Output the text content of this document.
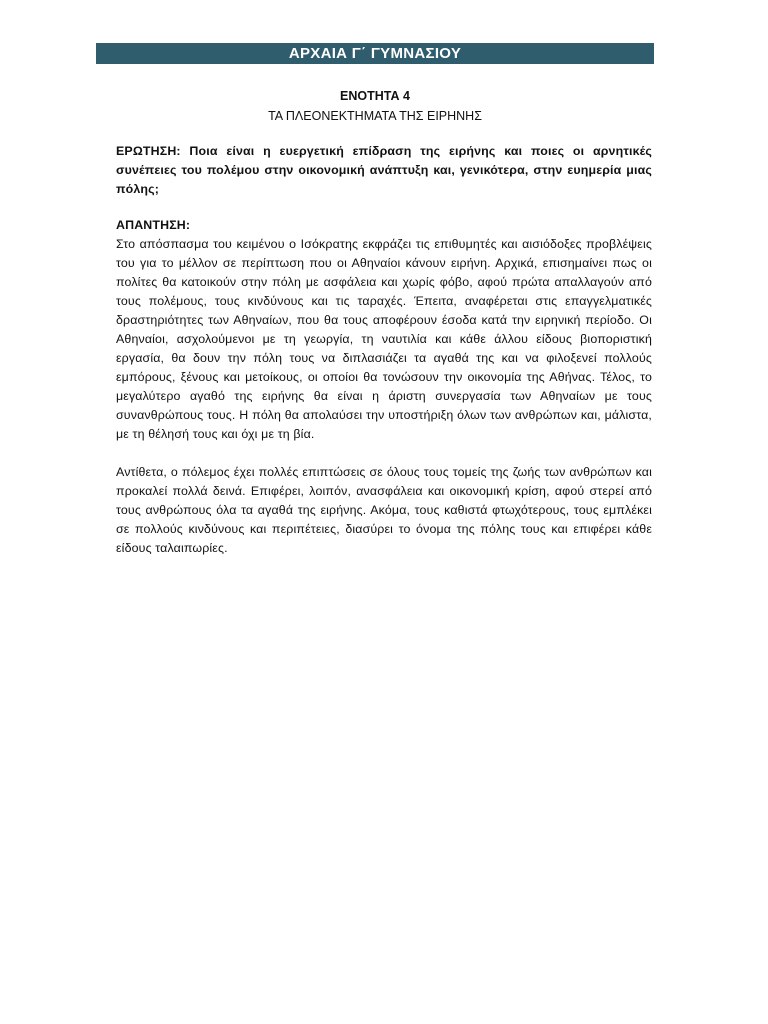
ΑΡΧΑΙΑ Γ΄ ΓΥΜΝΑΣΙΟΥ
ΕΝΟΤΗΤΑ 4
ΤΑ ΠΛΕΟΝΕΚΤΗΜΑΤΑ ΤΗΣ ΕΙΡΗΝΗΣ
ΕΡΩΤΗΣΗ: Ποια είναι η ευεργετική επίδραση της ειρήνης και ποιες οι αρνητικές συνέπειες του πολέμου στην οικονομική ανάπτυξη και, γενικότερα, στην ευημερία μιας πόλης;
ΑΠΑΝΤΗΣΗ:
Στο απόσπασμα του κειμένου ο Ισόκρατης εκφράζει τις επιθυμητές και αισιόδοξες προβλέψεις του για το μέλλον σε περίπτωση που οι Αθηναίοι κάνουν ειρήνη. Αρχικά, επισημαίνει πως οι πολίτες θα κατοικούν στην πόλη με ασφάλεια και χωρίς φόβο, αφού πρώτα απαλλαγούν από τους πολέμους, τους κινδύνους και τις ταραχές. Έπειτα, αναφέρεται στις επαγγελματικές δραστηριότητες των Αθηναίων, που θα τους αποφέρουν έσοδα κατά την ειρηνική περίοδο. Οι Αθηναίοι, ασχολούμενοι με τη γεωργία, τη ναυτιλία και κάθε άλλου είδους βιοποριστική εργασία, θα δουν την πόλη τους να διπλασιάζει τα αγαθά της και να φιλοξενεί πολλούς εμπόρους, ξένους και μετοίκους, οι οποίοι θα τονώσουν την οικονομία της Αθήνας. Τέλος, το μεγαλύτερο αγαθό της ειρήνης θα είναι η άριστη συνεργασία των Αθηναίων με τους συνανθρώπους τους. Η πόλη θα απολαύσει την υποστήριξη όλων των ανθρώπων και, μάλιστα, με τη θέλησή τους και όχι με τη βία.
Αντίθετα, ο πόλεμος έχει πολλές επιπτώσεις σε όλους τους τομείς της ζωής των ανθρώπων και προκαλεί πολλά δεινά. Επιφέρει, λοιπόν, ανασφάλεια και οικονομική κρίση, αφού στερεί από τους ανθρώπους όλα τα αγαθά της ειρήνης. Ακόμα, τους καθιστά φτωχότερους, τους εμπλέκει σε πολλούς κινδύνους και περιπέτειες, διασύρει το όνομα της πόλης τους και επιφέρει κάθε είδους ταλαιπωρίες.
